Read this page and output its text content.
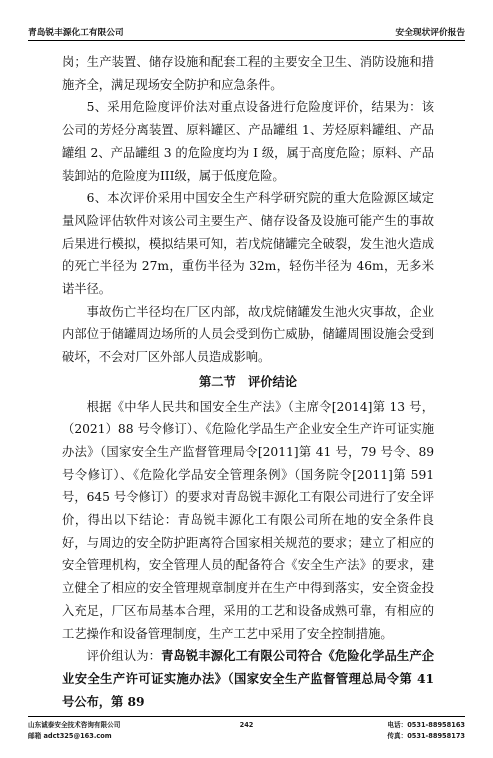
青岛锐丰源化工有限公司	安全现状评价报告

岗；生产装置、储存设施和配套工程的主要安全卫生、消防设施和措施齐全，满足现场安全防护和应急条件。

5、采用危险度评价法对重点设备进行危险度评价，结果为：该公司的芳烃分离装置、原料罐区、产品罐组 1、芳烃原料罐组、产品罐组 2、产品罐组 3 的危险度均为 I 级，属于高度危险；原料、产品装卸站的危险度为III级，属于低度危险。

6、本次评价采用中国安全生产科学研究院的重大危险源区域定量风险评估软件对该公司主要生产、储存设备及设施可能产生的事故后果进行模拟，模拟结果可知，若戊烷储罐完全破裂，发生池火造成的死亡半径为 27m，重伤半径为 32m，轻伤半径为 46m，无多米诺半径。

事故伤亡半径均在厂区内部，故戊烷储罐发生池火灾事故，企业内部位于储罐周边场所的人员会受到伤亡威胁，储罐周围设施会受到破坏，不会对厂区外部人员造成影响。

第二节　评价结论

根据《中华人民共和国安全生产法》（主席令[2014]第 13 号，（2021）88 号令修订）、《危险化学品生产企业安全生产许可证实施办法》（国家安全生产监督管理局令[2011]第 41 号，79 号令、89 号令修订）、《危险化学品安全管理条例》（国务院令[2011]第 591 号，645 号令修订）的要求对青岛锐丰源化工有限公司进行了安全评价，得出以下结论：青岛锐丰源化工有限公司所在地的安全条件良好，与周边的安全防护距离符合国家相关规范的要求；建立了相应的安全管理机构，安全管理人员的配备符合《安全生产法》的要求，建立健全了相应的安全管理规章制度并在生产中得到落实，安全资金投入充足，厂区布局基本合理，采用的工艺和设备成熟可靠，有相应的工艺操作和设备管理制度，生产工艺中采用了安全控制措施。

评价组认为：青岛锐丰源化工有限公司符合《危险化学品生产企业安全生产许可证实施办法》（国家安全生产监督管理总局令第 41 号公布，第 89

山东诚泰安全技术咨询有限公司
邮箱 adct325@163.com
242	电话：0531-88958163
传真：0531-88958173
